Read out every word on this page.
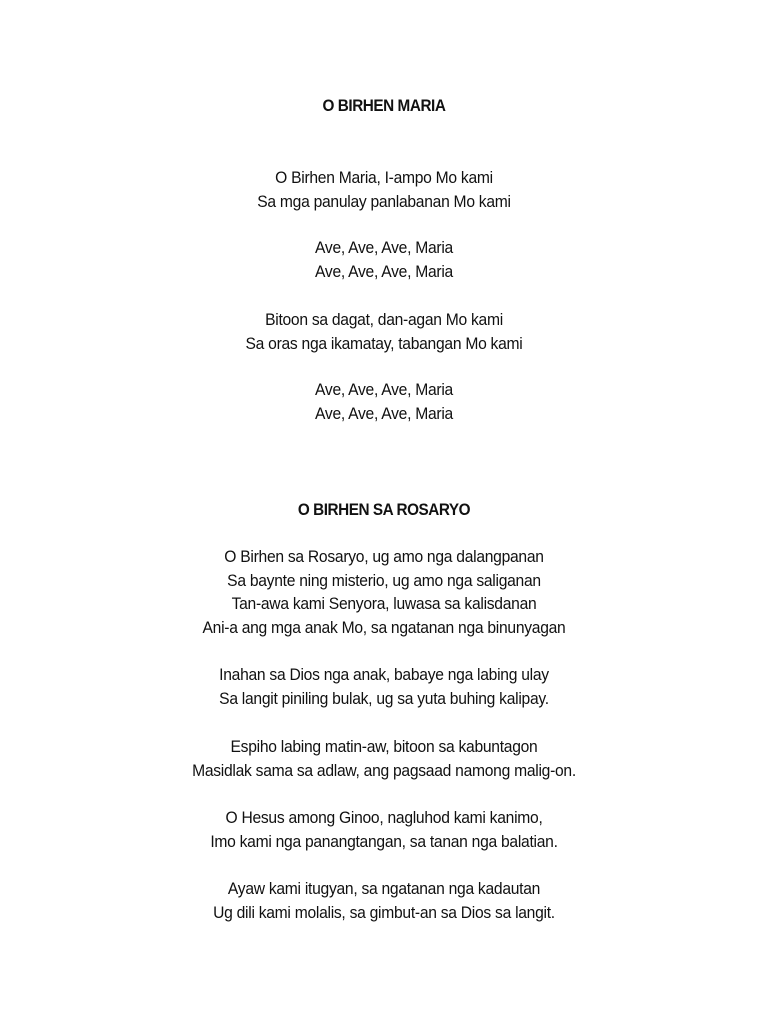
O BIRHEN MARIA
O Birhen Maria, I-ampo Mo kami
Sa mga panulay panlabanan Mo kami
Ave, Ave, Ave, Maria
Ave, Ave, Ave, Maria
Bitoon sa dagat, dan-agan Mo kami
Sa oras nga ikamatay, tabangan Mo kami
Ave, Ave, Ave, Maria
Ave, Ave, Ave, Maria
O BIRHEN SA ROSARYO
O Birhen sa Rosaryo, ug amo nga dalangpanan
Sa baynte ning misterio, ug amo nga saliganan
Tan-awa kami Senyora, luwasa sa kalisdanan
Ani-a ang mga anak Mo, sa ngatanan nga binunyagan
Inahan sa Dios nga anak, babaye nga labing ulay
Sa langit piniling bulak, ug sa yuta buhing kalipay.
Espiho labing matin-aw, bitoon sa kabuntagon
Masidlak sama sa adlaw, ang pagsaad namong malig-on.
O Hesus among Ginoo, nagluhod kami kanimo,
Imo kami nga panangtangan, sa tanan nga balatian.
Ayaw kami itugyan, sa ngatanan nga kadautan
Ug dili kami molalis, sa gimbut-an sa Dios sa langit.
